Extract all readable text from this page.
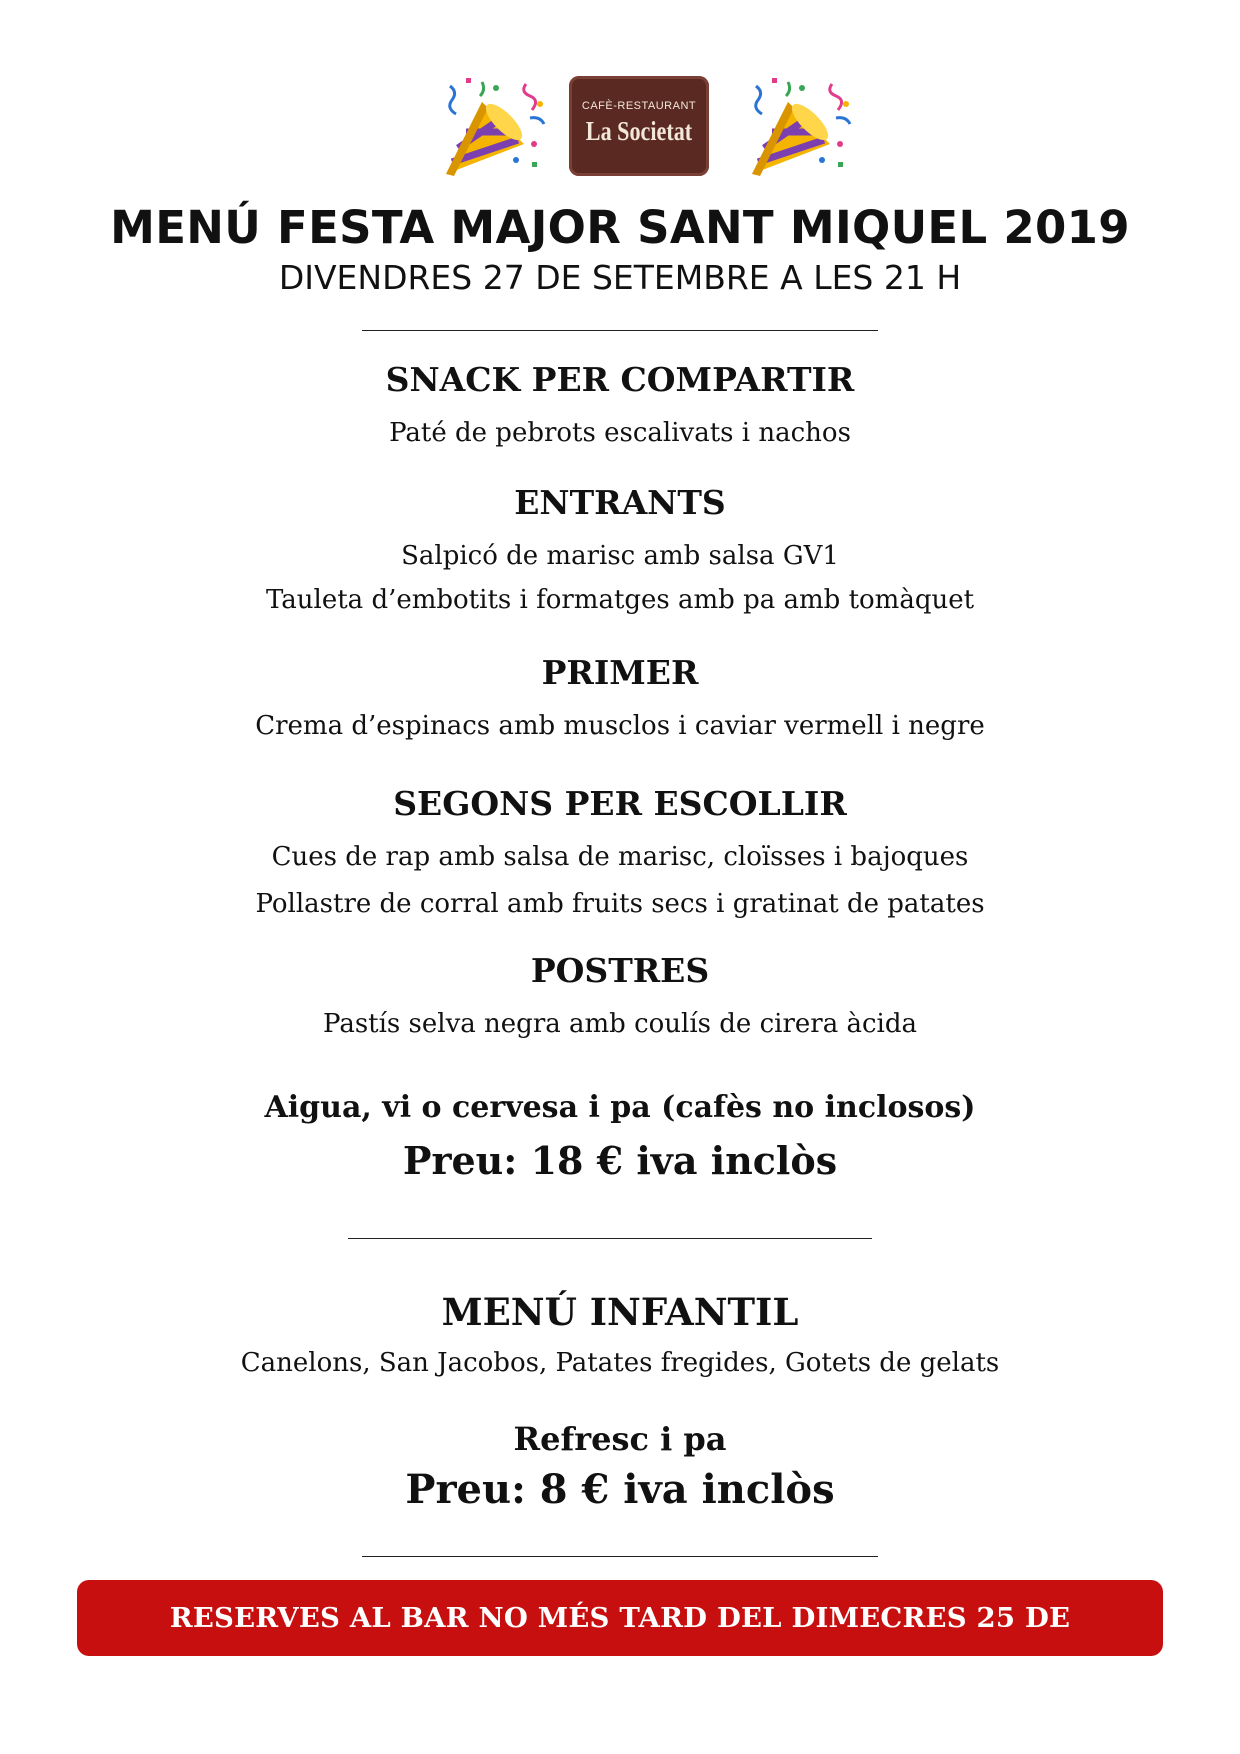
CAFÈ-RESTAURANT
La Societat
MENÚ FESTA MAJOR SANT MIQUEL 2019
DIVENDRES 27 DE SETEMBRE A LES 21 H
SNACK PER COMPARTIR
Paté de pebrots escalivats i nachos
ENTRANTS
Salpicó de marisc amb salsa GV1
Tauleta d’embotits i formatges amb pa amb tomàquet
PRIMER
Crema d’espinacs amb musclos i caviar vermell i negre
SEGONS PER ESCOLLIR
Cues de rap amb salsa de marisc, cloïsses i bajoques
Pollastre de corral amb fruits secs i gratinat de patates
POSTRES
Pastís selva negra amb coulís de cirera àcida
Aigua, vi o cervesa i pa (cafès no inclosos)
Preu: 18 € iva inclòs
MENÚ INFANTIL
Canelons, San Jacobos, Patates fregides, Gotets de gelats
Refresc i pa
Preu: 8 € iva inclòs
RESERVES AL BAR NO MÉS TARD DEL DIMECRES 25 DE SETEMBRE
